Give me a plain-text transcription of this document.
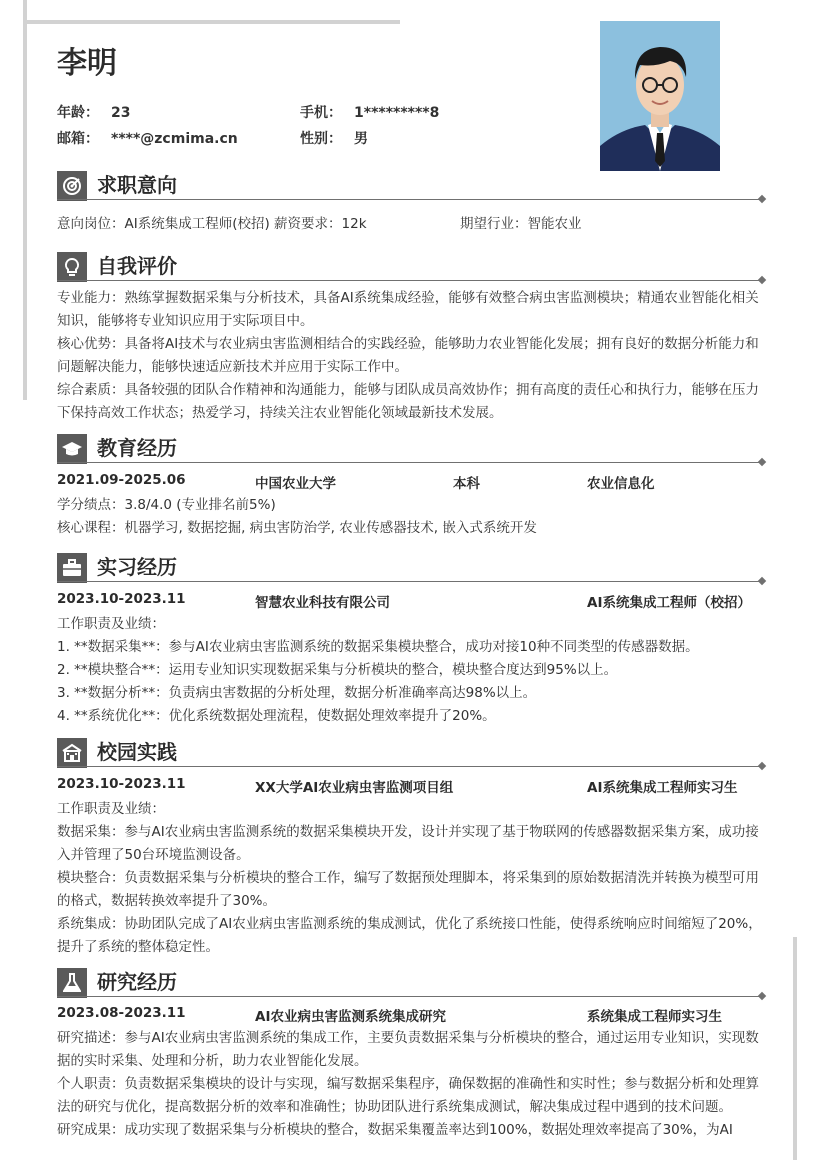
李明
年龄： 23	手机： 1*********8
邮箱： ****@zcmima.cn	性别： 男
求职意向
意向岗位：AI系统集成工程师(校招) 薪资要求：12k	期望行业：智能农业
自我评价

专业能力：熟练掌握数据采集与分析技术，具备AI系统集成经验，能够有效整合病虫害监测模块；精通农业智能化相关知识，能够将专业知识应用于实际项目中。

核心优势：具备将AI技术与农业病虫害监测相结合的实践经验，能够助力农业智能化发展；拥有良好的数据分析能力和问题解决能力，能够快速适应新技术并应用于实际工作中。

综合素质：具备较强的团队合作精神和沟通能力，能够与团队成员高效协作；拥有高度的责任心和执行力，能够在压力下保持高效工作状态；热爱学习，持续关注农业智能化领域最新技术发展。

教育经历
2021.09-2025.06	中国农业大学	本科	农业信息化

学分绩点：3.8/4.0 (专业排名前5%)

核心课程：机器学习, 数据挖掘, 病虫害防治学, 农业传感器技术, 嵌入式系统开发

实习经历
2023.10-2023.11	智慧农业科技有限公司	AI系统集成工程师（校招）

工作职责及业绩：

1. **数据采集**：参与AI农业病虫害监测系统的数据采集模块整合，成功对接10种不同类型的传感器数据。

2. **模块整合**：运用专业知识实现数据采集与分析模块的整合，模块整合度达到95%以上。

3. **数据分析**：负责病虫害数据的分析处理，数据分析准确率高达98%以上。

4. **系统优化**：优化系统数据处理流程，使数据处理效率提升了20%。

校园实践
2023.10-2023.11	XX大学AI农业病虫害监测项目组	AI系统集成工程师实习生

工作职责及业绩：

数据采集：参与AI农业病虫害监测系统的数据采集模块开发，设计并实现了基于物联网的传感器数据采集方案，成功接入并管理了50台环境监测设备。

模块整合：负责数据采集与分析模块的整合工作，编写了数据预处理脚本，将采集到的原始数据清洗并转换为模型可用的格式，数据转换效率提升了30%。

系统集成：协助团队完成了AI农业病虫害监测系统的集成测试，优化了系统接口性能，使得系统响应时间缩短了20%，提升了系统的整体稳定性。

研究经历
2023.08-2023.11	AI农业病虫害监测系统集成研究	系统集成工程师实习生

研究描述：参与AI农业病虫害监测系统的集成工作，主要负责数据采集与分析模块的整合，通过运用专业知识，实现数据的实时采集、处理和分析，助力农业智能化发展。

个人职责：负责数据采集模块的设计与实现，编写数据采集程序，确保数据的准确性和实时性；参与数据分析和处理算法的研究与优化，提高数据分析的效率和准确性；协助团队进行系统集成测试，解决集成过程中遇到的技术问题。

研究成果：成功实现了数据采集与分析模块的整合，数据采集覆盖率达到100%，数据处理效率提高了30%，为AI
